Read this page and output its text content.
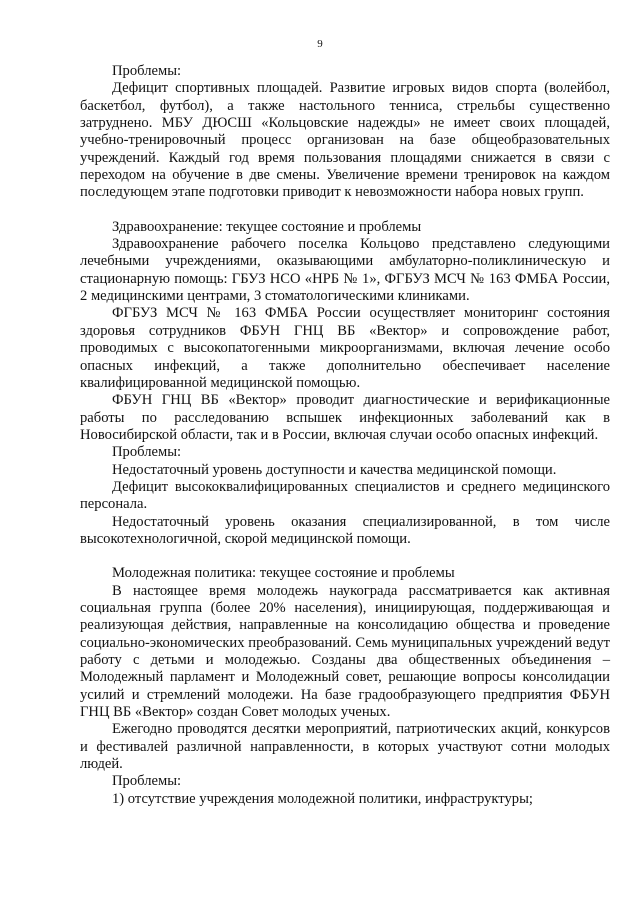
9

Проблемы:

Дефицит спортивных площадей. Развитие игровых видов спорта (волейбол, баскетбол, футбол), а также настольного тенниса, стрельбы существенно затруднено. МБУ ДЮСШ «Кольцовские надежды» не имеет своих площадей, учебно-тренировочный процесс организован на базе общеобразовательных учреждений. Каждый год время пользования площадями снижается в связи с переходом на обучение в две смены. Увеличение времени тренировок на каждом последующем этапе подготовки приводит к невозможности набора новых групп.

Здравоохранение: текущее состояние и проблемы

Здравоохранение рабочего поселка Кольцово представлено следующими лечебными учреждениями, оказывающими амбулаторно-поликлиническую и стационарную помощь: ГБУЗ НСО «НРБ № 1», ФГБУЗ МСЧ № 163 ФМБА России, 2 медицинскими центрами, 3 стоматологическими клиниками.

ФГБУЗ МСЧ № 163 ФМБА России осуществляет мониторинг состояния здоровья сотрудников ФБУН ГНЦ ВБ «Вектор» и сопровождение работ, проводимых с высокопатогенными микроорганизмами, включая лечение особо опасных инфекций, а также дополнительно обеспечивает население квалифицированной медицинской помощью.

ФБУН ГНЦ ВБ «Вектор» проводит диагностические и верификационные работы по расследованию вспышек инфекционных заболеваний как в Новосибирской области, так и в России, включая случаи особо опасных инфекций.

Проблемы:

Недостаточный уровень доступности и качества медицинской помощи.

Дефицит высококвалифицированных специалистов и среднего медицинского персонала.

Недостаточный уровень оказания специализированной, в том числе высокотехнологичной, скорой медицинской помощи.

Молодежная политика: текущее состояние и проблемы

В настоящее время молодежь наукограда рассматривается как активная социальная группа (более 20% населения), инициирующая, поддерживающая и реализующая действия, направленные на консолидацию общества и проведение социально-экономических преобразований. Семь муниципальных учреждений ведут работу с детьми и молодежью. Созданы два общественных объединения – Молодежный парламент и Молодежный совет, решающие вопросы консолидации усилий и стремлений молодежи. На базе градообразующего предприятия ФБУН ГНЦ ВБ «Вектор» создан Совет молодых ученых.

Ежегодно проводятся десятки мероприятий, патриотических акций, конкурсов и фестивалей различной направленности, в которых участвуют сотни молодых людей.

Проблемы:

1) отсутствие учреждения молодежной политики, инфраструктуры;
